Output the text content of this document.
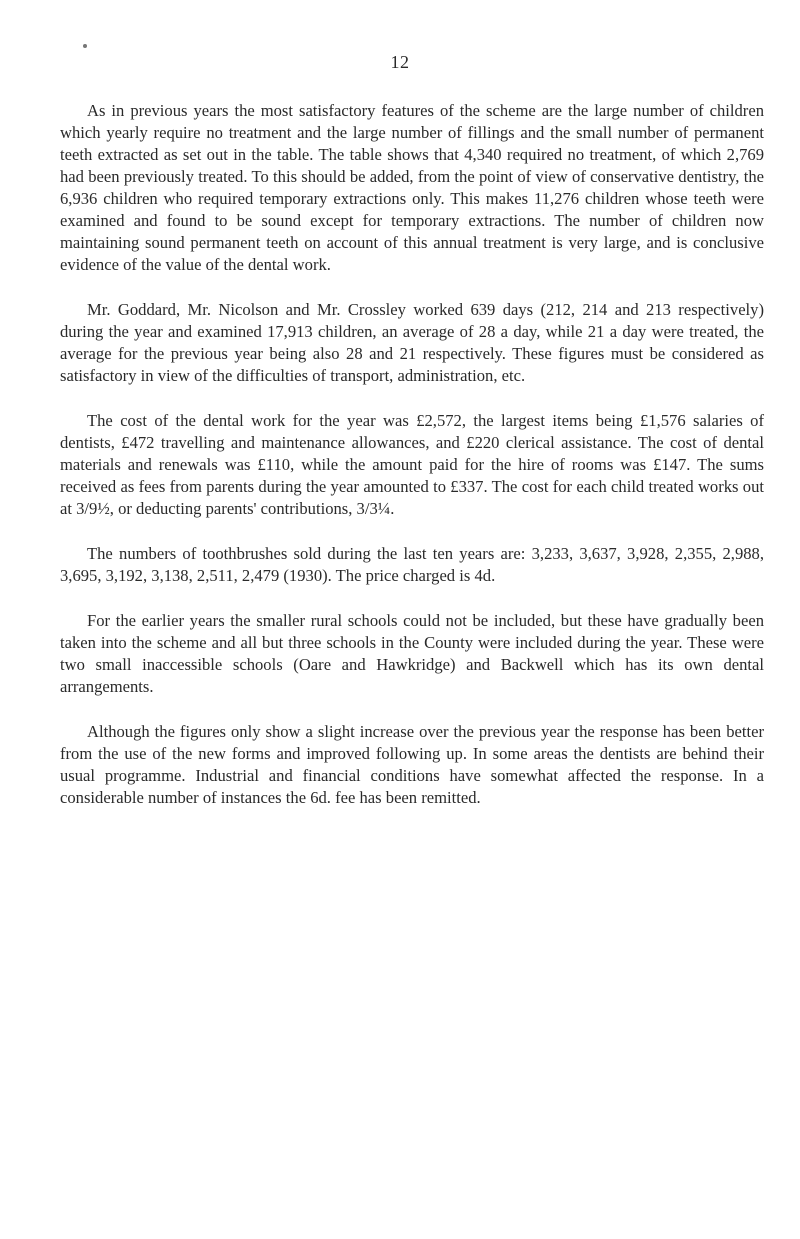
12

As in previous years the most satisfactory features of the scheme are the large number of children which yearly require no treatment and the large number of fillings and the small number of permanent teeth extracted as set out in the table. The table shows that 4,340 required no treatment, of which 2,769 had been previously treated. To this should be added, from the point of view of conservative dentistry, the 6,936 children who required temporary extractions only. This makes 11,276 children whose teeth were examined and found to be sound except for temporary extractions. The number of children now maintaining sound permanent teeth on account of this annual treatment is very large, and is conclusive evidence of the value of the dental work.

Mr. Goddard, Mr. Nicolson and Mr. Crossley worked 639 days (212, 214 and 213 respectively) during the year and examined 17,913 children, an average of 28 a day, while 21 a day were treated, the average for the previous year being also 28 and 21 respectively. These figures must be considered as satisfactory in view of the difficulties of transport, administration, etc.

The cost of the dental work for the year was £2,572, the largest items being £1,576 salaries of dentists, £472 travelling and maintenance allowances, and £220 clerical assistance. The cost of dental materials and renewals was £110, while the amount paid for the hire of rooms was £147. The sums received as fees from parents during the year amounted to £337. The cost for each child treated works out at 3/9½, or deducting parents' contributions, 3/3¼.

The numbers of toothbrushes sold during the last ten years are: 3,233, 3,637, 3,928, 2,355, 2,988, 3,695, 3,192, 3,138, 2,511, 2,479 (1930). The price charged is 4d.

For the earlier years the smaller rural schools could not be included, but these have gradually been taken into the scheme and all but three schools in the County were included during the year. These were two small inaccessible schools (Oare and Hawkridge) and Backwell which has its own dental arrangements.

Although the figures only show a slight increase over the previous year the response has been better from the use of the new forms and improved following up. In some areas the dentists are behind their usual programme. Industrial and financial conditions have somewhat affected the response. In a considerable number of instances the 6d. fee has been remitted.
